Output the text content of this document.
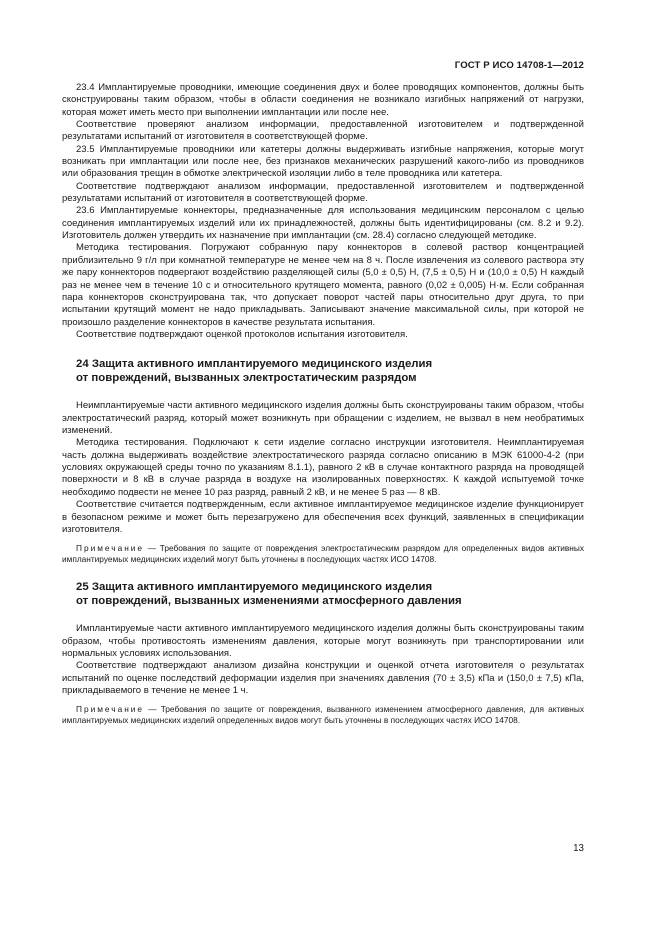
ГОСТ Р ИСО 14708-1—2012

23.4 Имплантируемые проводники, имеющие соединения двух и более проводящих компонентов, должны быть сконструированы таким образом, чтобы в области соединения не возникало изгибных напряжений от нагрузки, которая может иметь место при выполнении имплантации или после нее.

Соответствие проверяют анализом информации, предоставленной изготовителем и подтвержденной результатами испытаний от изготовителя в соответствующей форме.

23.5 Имплантируемые проводники или катетеры должны выдерживать изгибные напряжения, которые могут возникать при имплантации или после нее, без признаков механических разрушений какого-либо из проводников или образования трещин в обмотке электрической изоляции либо в теле проводника или катетера.

Соответствие подтверждают анализом информации, предоставленной изготовителем и подтвержденной результатами испытаний от изготовителя в соответствующей форме.

23.6 Имплантируемые коннекторы, предназначенные для использования медицинским персоналом с целью соединения имплантируемых изделий или их принадлежностей, должны быть идентифицированы (см. 8.2 и 9.2). Изготовитель должен утвердить их назначение при имплантации (см. 28.4) согласно следующей методике.

Методика тестирования. Погружают собранную пару коннекторов в солевой раствор концентрацией приблизительно 9 г/л при комнатной температуре не менее чем на 8 ч. После извлечения из солевого раствора эту же пару коннекторов подвергают воздействию разделяющей силы (5,0 ± 0,5) Н, (7,5 ± 0,5) Н и (10,0 ± 0,5) Н каждый раз не менее чем в течение 10 с и относительного крутящего момента, равного (0,02 ± 0,005) Н·м. Если собранная пара коннекторов сконструирована так, что допускает поворот частей пары относительно друг друга, то при испытании крутящий момент не надо прикладывать. Записывают значение максимальной силы, при которой не произошло разделение коннекторов в качестве результата испытания.

Соответствие подтверждают оценкой протоколов испытания изготовителя.

24 Защита активного имплантируемого медицинского изделия
от повреждений, вызванных электростатическим разрядом

Неимплантируемые части активного медицинского изделия должны быть сконструированы таким образом, чтобы электростатический разряд, который может возникнуть при обращении с изделием, не вызвал в нем необратимых изменений.

Методика тестирования. Подключают к сети изделие согласно инструкции изготовителя. Неимплантируемая часть должна выдерживать воздействие электростатического разряда согласно описанию в МЭК 61000-4-2 (при условиях окружающей среды точно по указаниям 8.1.1), равного 2 кВ в случае контактного разряда на проводящей поверхности и 8 кВ в случае разряда в воздухе на изолированных поверхностях. К каждой испытуемой точке необходимо подвести не менее 10 раз разряд, равный 2 кВ, и не менее 5 раз — 8 кВ.

Соответствие считается подтвержденным, если активное имплантируемое медицинское изделие функционирует в безопасном режиме и может быть перезагружено для обеспечения всех функций, заявленных в спецификации изготовителя.

Примечание — Требования по защите от повреждения электростатическим разрядом для определенных видов активных имплантируемых медицинских изделий могут быть уточнены в последующих частях ИСО 14708.

25 Защита активного имплантируемого медицинского изделия
от повреждений, вызванных изменениями атмосферного давления

Имплантируемые части активного имплантируемого медицинского изделия должны быть сконструированы таким образом, чтобы противостоять изменениям давления, которые могут возникнуть при транспортировании или нормальных условиях использования.

Соответствие подтверждают анализом дизайна конструкции и оценкой отчета изготовителя о результатах испытаний по оценке последствий деформации изделия при значениях давления (70 ± 3,5) кПа и (150,0 ± 7,5) кПа, прикладываемого в течение не менее 1 ч.

Примечание — Требования по защите от повреждения, вызванного изменением атмосферного давления, для активных имплантируемых медицинских изделий определенных видов могут быть уточнены в последующих частях ИСО 14708.

13
